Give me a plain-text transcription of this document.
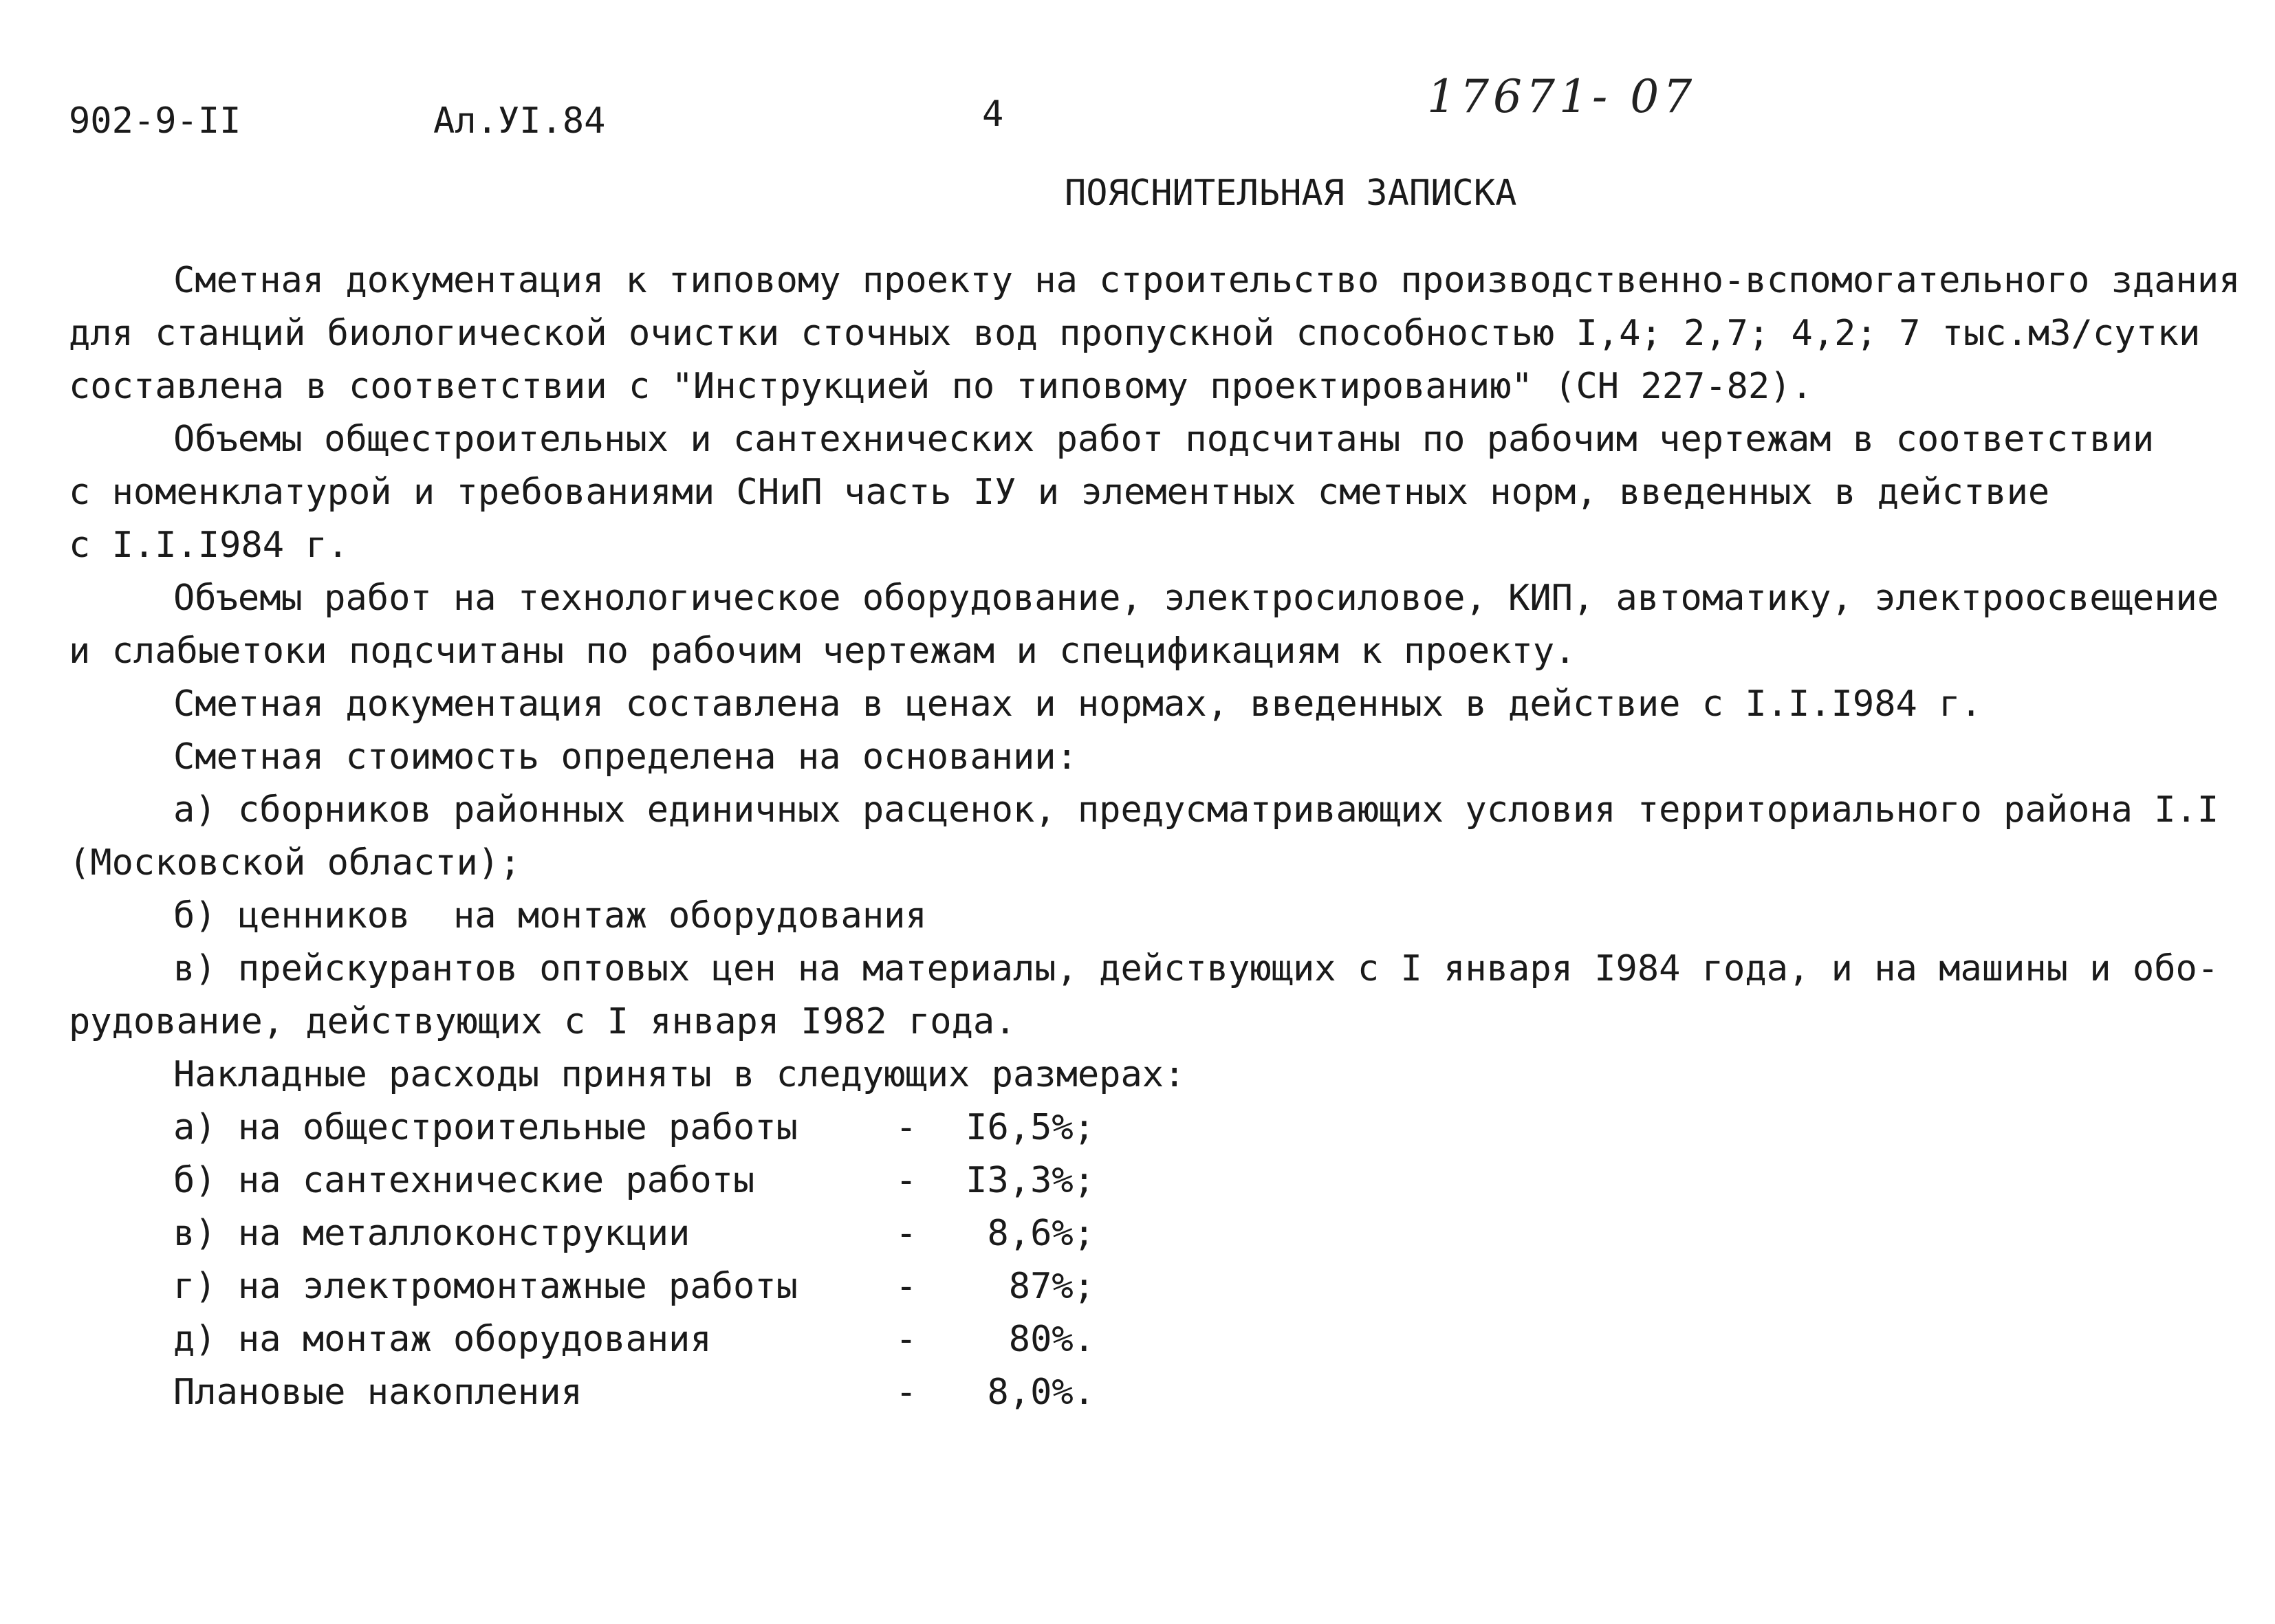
902-9-II	Ал.УI.84	4	17671- 07
ПОЯСНИТЕЛЬНАЯ ЗАПИСКА
Сметная документация к типовому проекту на строительство производственно-вспомогательного здания
для станций биологической очистки сточных вод пропускной способностью I,4; 2,7; 4,2; 7 тыс.м3/сутки
составлена в соответствии с "Инструкцией по типовому проектированию" (СН 227-82).
Объемы общестроительных и сантехнических работ подсчитаны по рабочим чертежам в соответствии
с номенклатурой и требованиями СНиП часть IУ и элементных сметных норм, введенных в действие
с I.I.I984 г.
Объемы работ на технологическое оборудование, электросиловое, КИП, автоматику, электроосвещение
и слабыетоки подсчитаны по рабочим чертежам и спецификациям к проекту.
Сметная документация составлена в ценах и нормах, введенных в действие с I.I.I984 г.
Сметная стоимость определена на основании:
а) сборников районных единичных расценок, предусматривающих условия территориального района I.I
(Московской области);
б) ценников  на монтаж оборудования
в) прейскурантов оптовых цен на материалы, действующих с I января I984 года, и на машины и обо-
рудование, действующих с I января I982 года.
Накладные расходы приняты в следующих размерах:
а) на общестроительные работы	-	I6,5%;
б) на сантехнические работы	-	I3,3%;
в) на металлоконструкции	-	8,6%;
г) на электромонтажные работы	-	87%;
д) на монтаж оборудования	-	80%.
Плановые накопления	-	8,0%.
